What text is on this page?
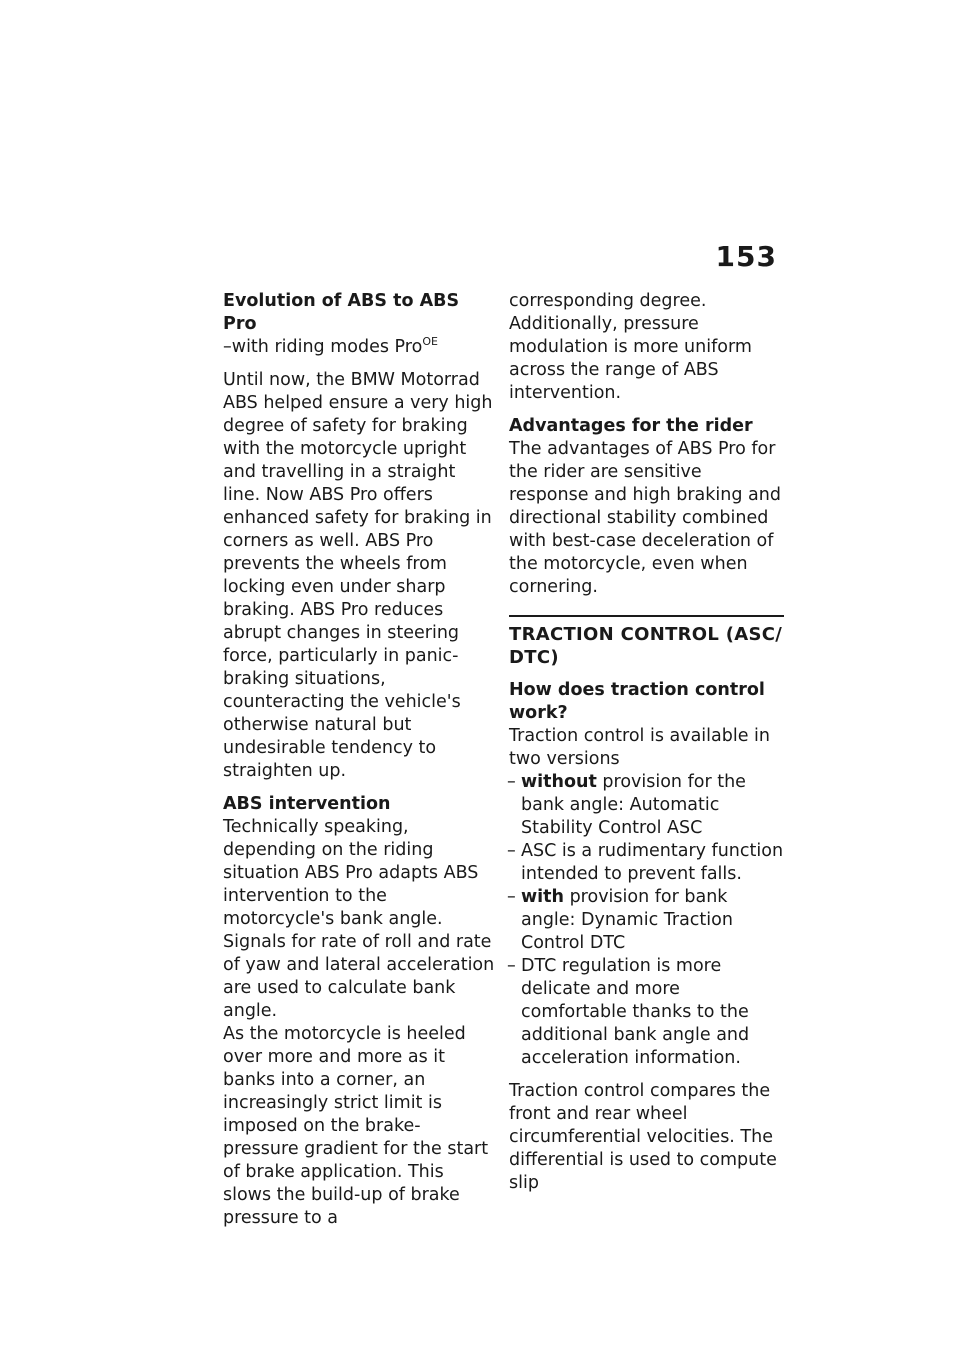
153

Evolution of ABS to ABS Pro
–with riding modes Pro$^{OE}$

Until now, the BMW Motorrad ABS helped ensure a very high degree of safety for braking with the motorcycle upright and travelling in a straight line. Now ABS Pro offers enhanced safety for braking in corners as well. ABS Pro prevents the wheels from locking even under sharp braking. ABS Pro reduces abrupt changes in steering force, particularly in panic-braking situations, counteracting the vehicle's otherwise natural but undesirable tendency to straighten up.

ABS intervention
Technically speaking, depending on the riding situation ABS Pro adapts ABS intervention to the motorcycle's bank angle. Signals for rate of roll and rate of yaw and lateral acceleration are used to calculate bank angle.
As the motorcycle is heeled over more and more as it banks into a corner, an increasingly strict limit is imposed on the brake-pressure gradient for the start of brake application. This slows the build-up of brake pressure to a

corresponding degree. Additionally, pressure modulation is more uniform across the range of ABS intervention.

Advantages for the rider
The advantages of ABS Pro for the rider are sensitive response and high braking and directional stability combined with best-case deceleration of the motorcycle, even when cornering.

TRACTION CONTROL (ASC/ DTC)

How does traction control work?
Traction control is available in two versions

– without provision for the bank angle: Automatic Stability Control ASC
– ASC is a rudimentary function intended to prevent falls.
– with provision for bank angle: Dynamic Traction Control DTC
– DTC regulation is more delicate and more comfortable thanks to the additional bank angle and acceleration information.

Traction control compares the front and rear wheel circumferential velocities. The differential is used to compute slip
